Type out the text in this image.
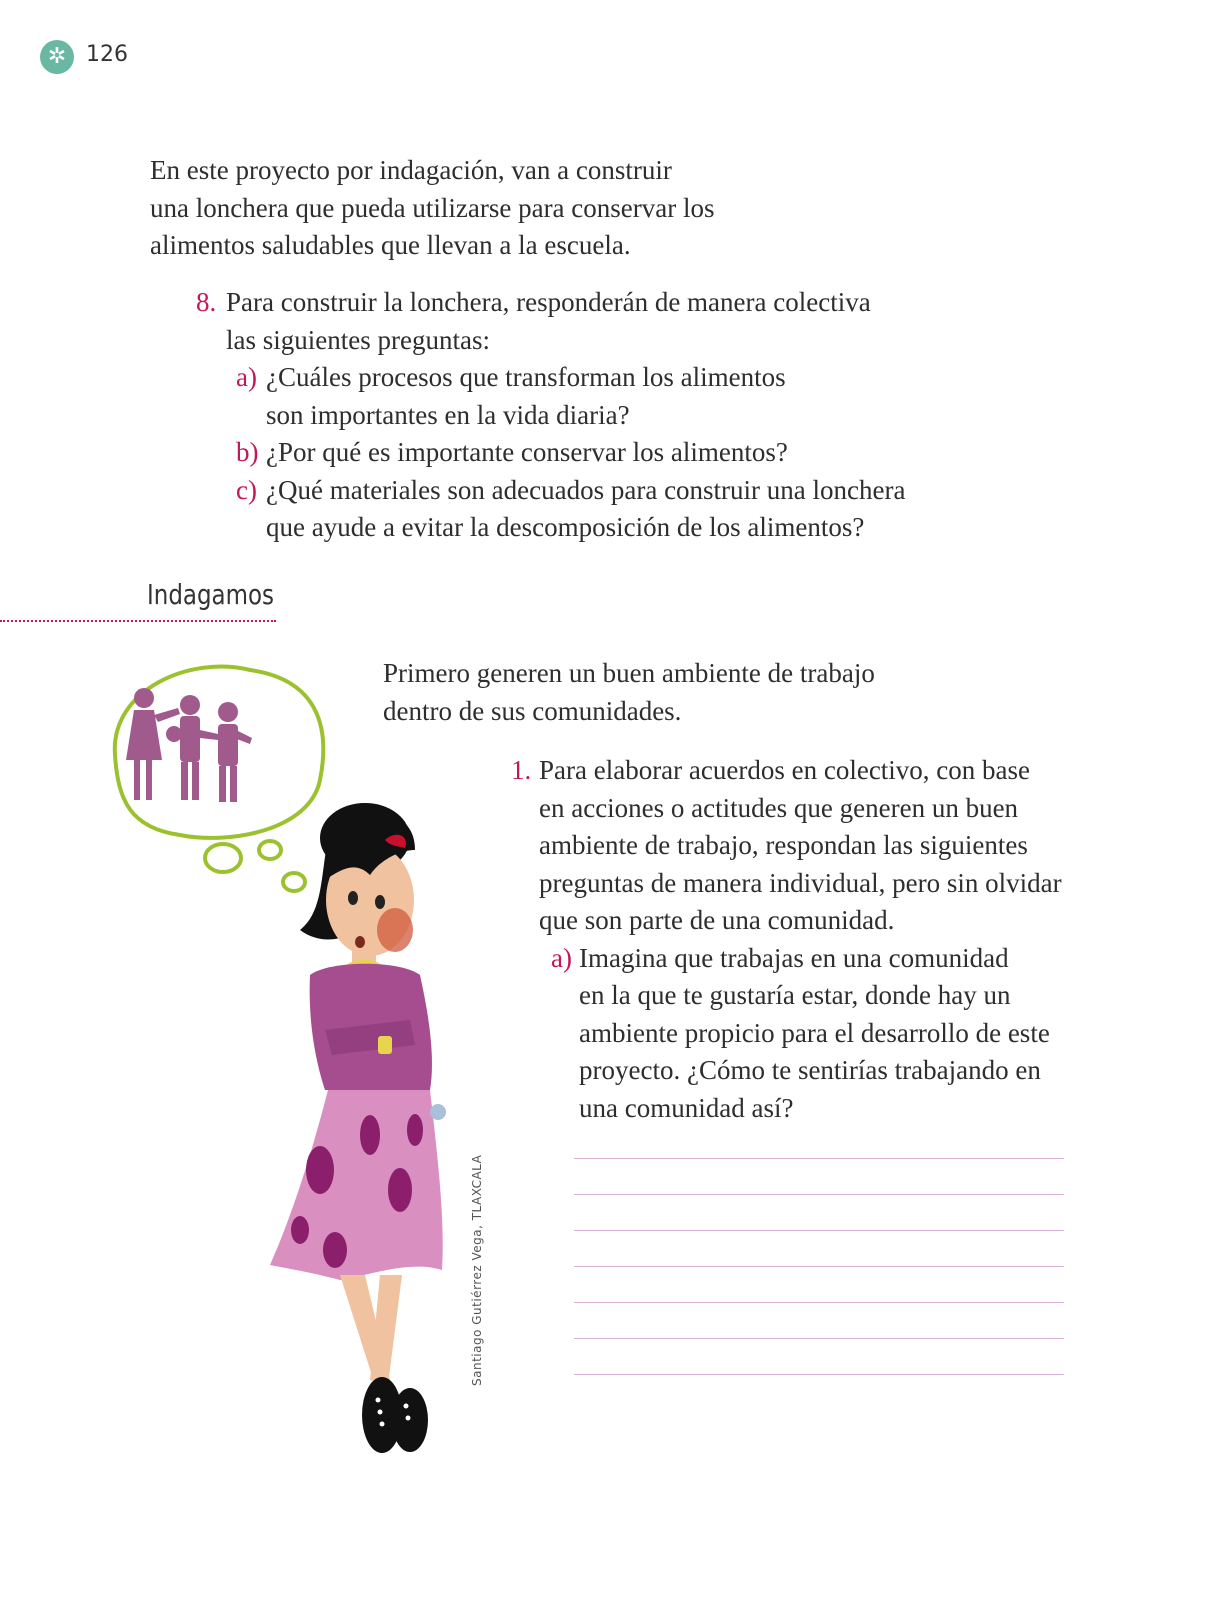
✲ 126
En este proyecto por indagación, van a construir
una lonchera que pueda utilizarse para conservar los
alimentos saludables que llevan a la escuela.
8. Para construir la lonchera, responderán de manera colectiva
las siguientes preguntas:
a) ¿Cuáles procesos que transforman los alimentos
son importantes en la vida diaria?
b) ¿Por qué es importante conservar los alimentos?
c) ¿Qué materiales son adecuados para construir una lonchera
que ayude a evitar la descomposición de los alimentos?
Indagamos
Primero generen un buen ambiente de trabajo
dentro de sus comunidades.
1. Para elaborar acuerdos en colectivo, con base
en acciones o actitudes que generen un buen
ambiente de trabajo, respondan las siguientes
preguntas de manera individual, pero sin olvidar
que son parte de una comunidad.
a) Imagina que trabajas en una comunidad
en la que te gustaría estar, donde hay un
ambiente propicio para el desarrollo de este
proyecto. ¿Cómo te sentirías trabajando en
una comunidad así?
Santiago Gutiérrez Vega, TLAXCALA
